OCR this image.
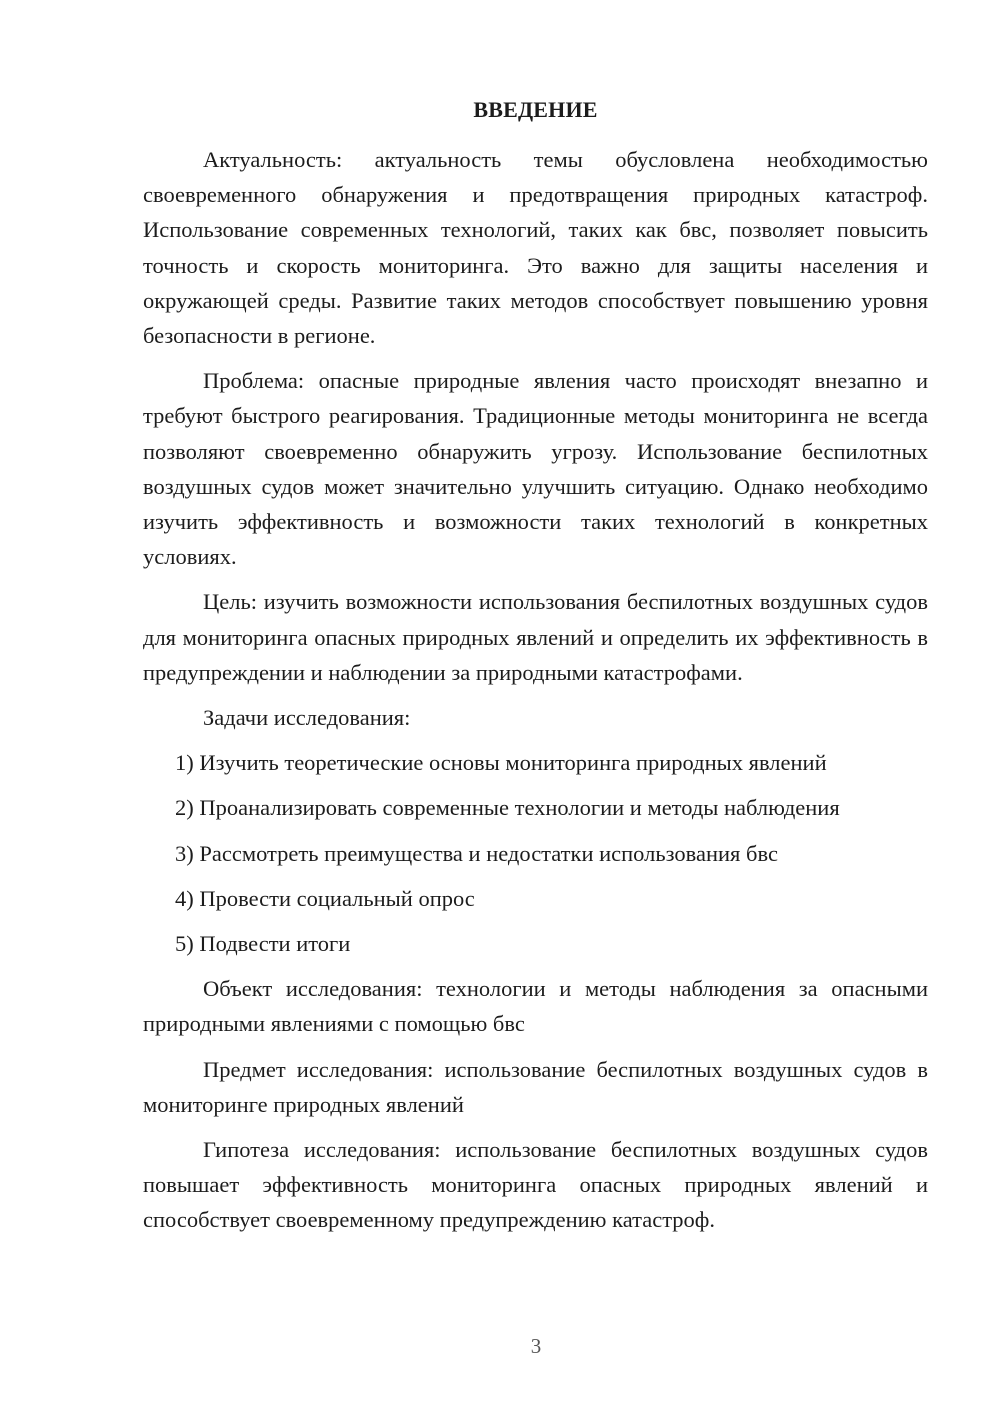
ВВЕДЕНИЕ

Актуальность: актуальность темы обусловлена необходимостью своевременного обнаружения и предотвращения природных катастроф. Использование современных технологий, таких как бвс, позволяет повысить точность и скорость мониторинга. Это важно для защиты населения и окружающей среды. Развитие таких методов способствует повышению уровня безопасности в регионе.

Проблема: опасные природные явления часто происходят внезапно и требуют быстрого реагирования. Традиционные методы мониторинга не всегда позволяют своевременно обнаружить угрозу. Использование беспилотных воздушных судов может значительно улучшить ситуацию. Однако необходимо изучить эффективность и возможности таких технологий в конкретных условиях.

Цель: изучить возможности использования беспилотных воздушных судов для мониторинга опасных природных явлений и определить их эффективность в предупреждении и наблюдении за природными катастрофами.

Задачи исследования:

1) Изучить теоретические основы мониторинга природных явлений
2) Проанализировать современные технологии и методы наблюдения
3) Рассмотреть преимущества и недостатки использования бвс
4) Провести социальный опрос
5) Подвести итоги

Объект исследования: технологии и методы наблюдения за опасными природными явлениями с помощью бвс

Предмет исследования: использование беспилотных воздушных судов в мониторинге природных явлений

Гипотеза исследования: использование беспилотных воздушных судов повышает эффективность мониторинга опасных природных явлений и способствует своевременному предупреждению катастроф.

3
